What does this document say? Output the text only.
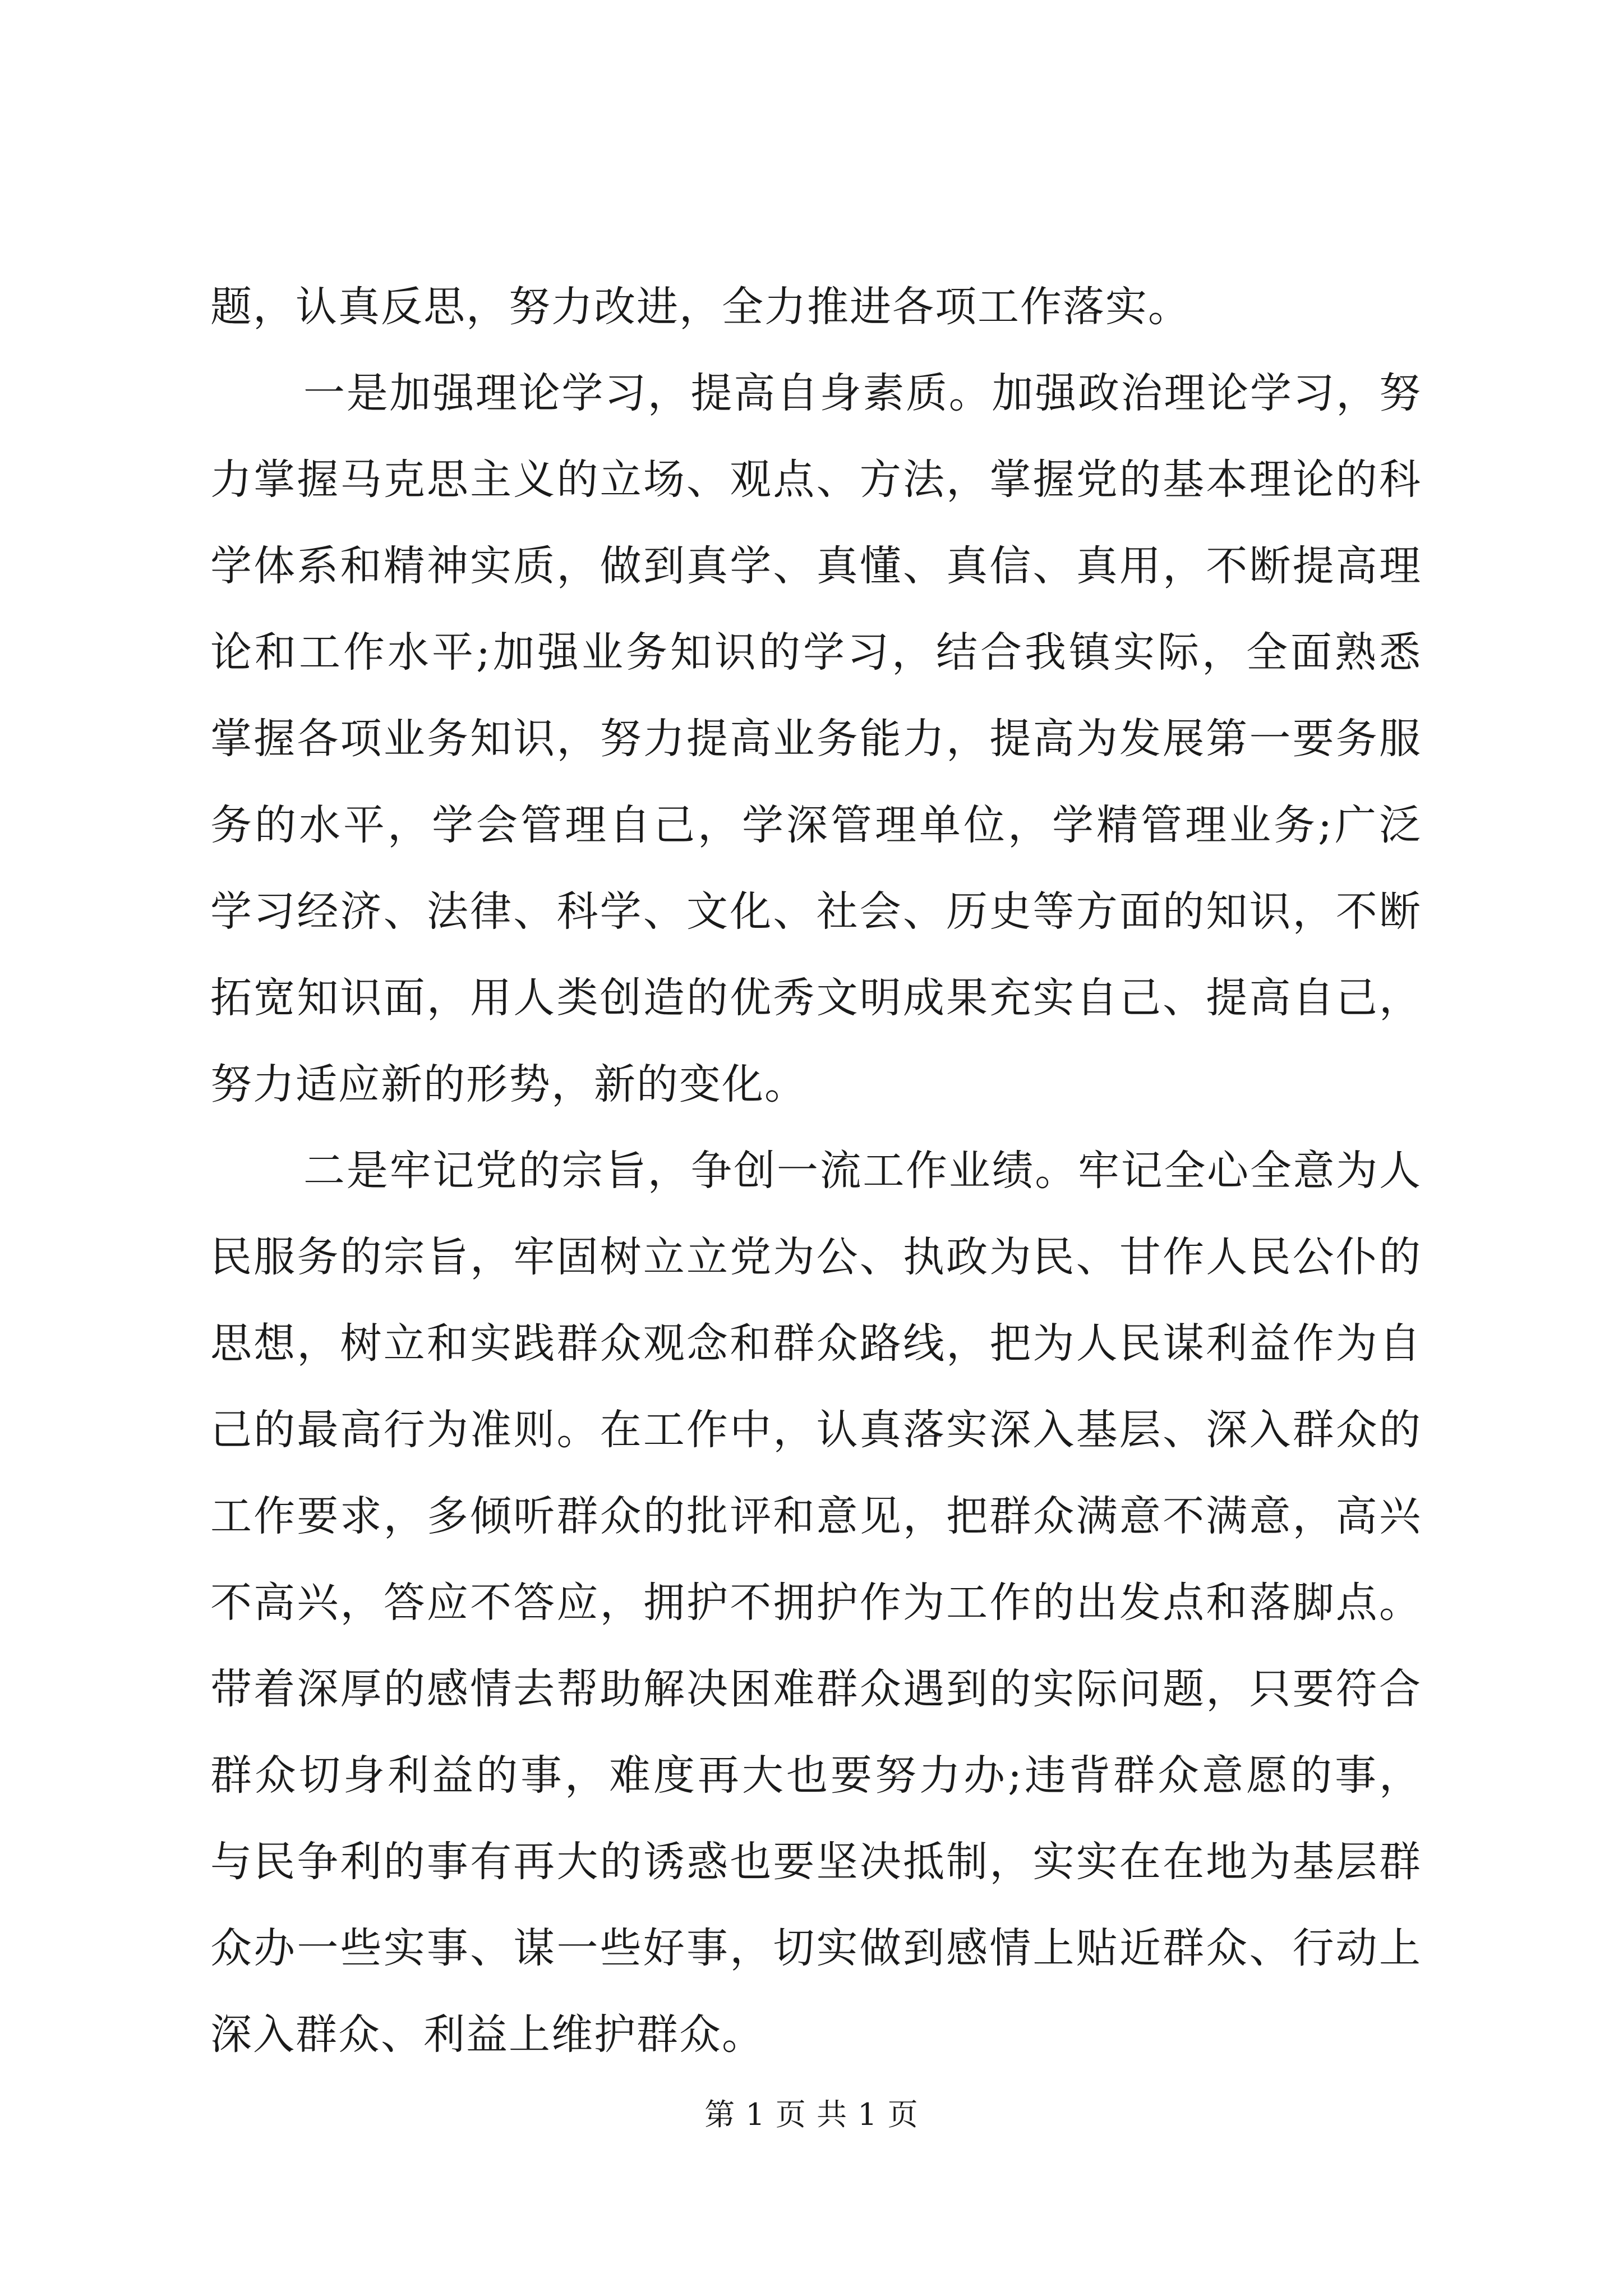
题，认真反思，努力改进，全力推进各项工作落实。
一是加强理论学习，提高自身素质。加强政治理论学习，努
力掌握马克思主义的立场、观点、方法，掌握党的基本理论的科
学体系和精神实质，做到真学、真懂、真信、真用，不断提高理
论和工作水平;加强业务知识的学习，结合我镇实际，全面熟悉
掌握各项业务知识，努力提高业务能力，提高为发展第一要务服
务的水平，学会管理自己，学深管理单位，学精管理业务;广泛
学习经济、法律、科学、文化、社会、历史等方面的知识，不断
拓宽知识面，用人类创造的优秀文明成果充实自己、提高自己，
努力适应新的形势，新的变化。
二是牢记党的宗旨，争创一流工作业绩。牢记全心全意为人
民服务的宗旨，牢固树立立党为公、执政为民、甘作人民公仆的
思想，树立和实践群众观念和群众路线，把为人民谋利益作为自
己的最高行为准则。在工作中，认真落实深入基层、深入群众的
工作要求，多倾听群众的批评和意见，把群众满意不满意，高兴
不高兴，答应不答应，拥护不拥护作为工作的出发点和落脚点。
带着深厚的感情去帮助解决困难群众遇到的实际问题，只要符合
群众切身利益的事，难度再大也要努力办;违背群众意愿的事，
与民争利的事有再大的诱惑也要坚决抵制，实实在在地为基层群
众办一些实事、谋一些好事，切实做到感情上贴近群众、行动上
深入群众、利益上维护群众。
第 1 页 共 1 页
